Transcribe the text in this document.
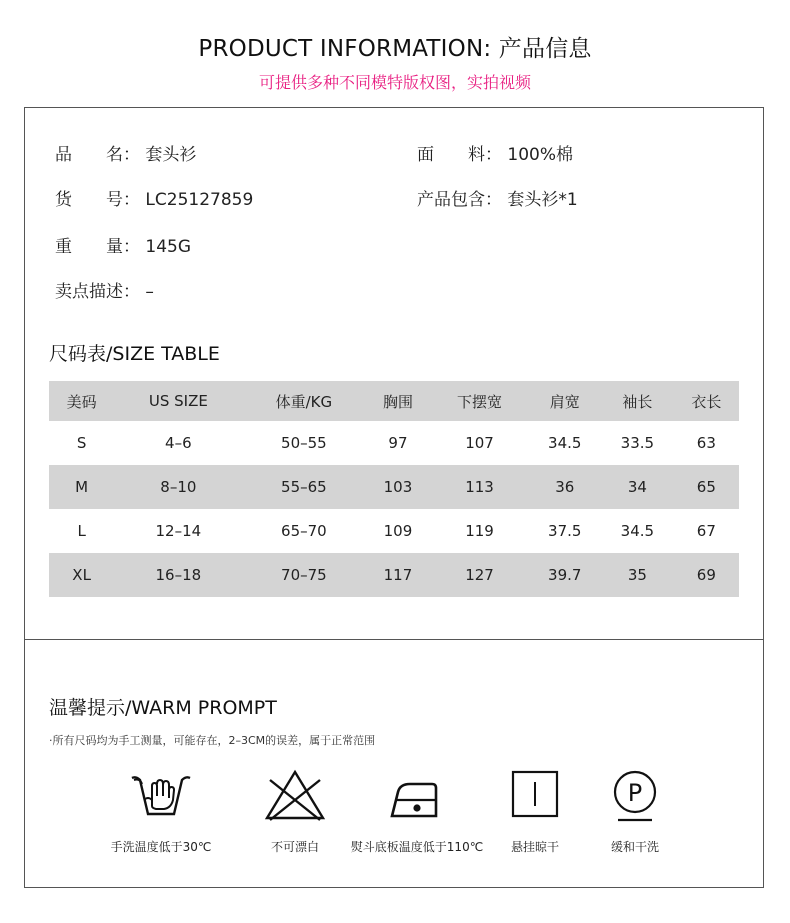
PRODUCT INFORMATION: 产品信息
可提供多种不同模特版权图，实拍视频
品　　名： 套头衫	面　　料： 100%棉
货　　号： LC25127859	产品包含： 套头衫*1
重　　量： 145G
卖点描述： –
尺码表/SIZE TABLE
美码	US SIZE	体重/KG	胸围	下摆宽	肩宽	袖长	衣长
S	4–6	50–55	97	107	34.5	33.5	63
M	8–10	55–65	103	113	36	34	65
L	12–14	65–70	109	119	37.5	34.5	67
XL	16–18	70–75	117	127	39.7	35	69
温馨提示/WARM PROMPT
·所有尺码均为手工测量，可能存在，2–3CM的误差，属于正常范围
手洗温度低于30℃	不可漂白	熨斗底板温度低于110℃	悬挂晾干
P
缓和干洗
